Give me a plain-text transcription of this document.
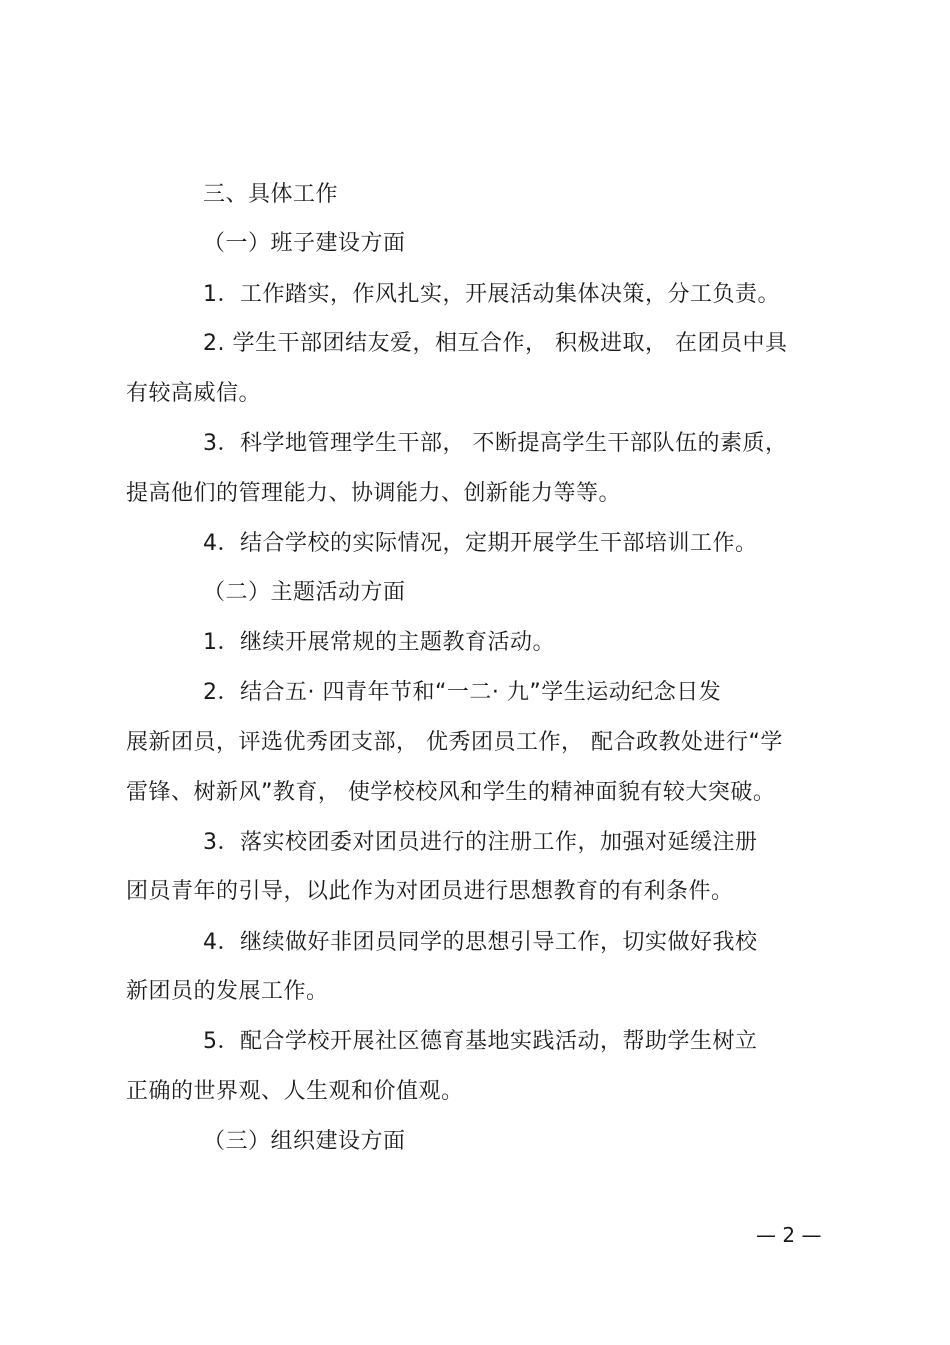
三、具体工作
（一）班子建设方面
1．工作踏实，作风扎实，开展活动集体决策，分工负责。
2. 学生干部团结友爱，相互合作， 积极进取， 在团员中具
有较高威信。
3．科学地管理学生干部， 不断提高学生干部队伍的素质，
提高他们的管理能力、协调能力、创新能力等等。
4．结合学校的实际情况，定期开展学生干部培训工作。
（二）主题活动方面
1．继续开展常规的主题教育活动。
2．结合五· 四青年节和“一二· 九”学生运动纪念日发
展新团员，评选优秀团支部， 优秀团员工作， 配合政教处进行“学
雷锋、树新风”教育， 使学校校风和学生的精神面貌有较大突破。
3．落实校团委对团员进行的注册工作，加强对延缓注册
团员青年的引导，以此作为对团员进行思想教育的有利条件。
4．继续做好非团员同学的思想引导工作，切实做好我校
新团员的发展工作。
5．配合学校开展社区德育基地实践活动，帮助学生树立
正确的世界观、人生观和价值观。
（三）组织建设方面
— 2 —
